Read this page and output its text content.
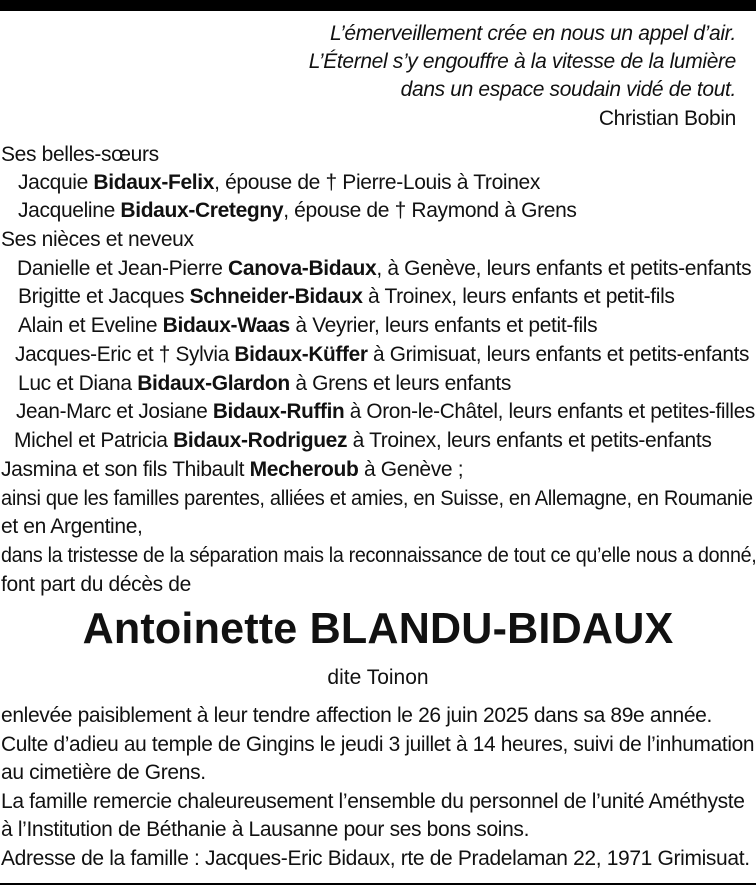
L’émerveillement crée en nous un appel d’air.
L’Éternel s’y engouffre à la vitesse de la lumière
dans un espace soudain vidé de tout.
Christian Bobin
Ses belles-sœurs
Jacquie Bidaux-Felix, épouse de † Pierre-Louis à Troinex
Jacqueline Bidaux-Cretegny, épouse de † Raymond à Grens
Ses nièces et neveux
Danielle et Jean-Pierre Canova-Bidaux, à Genève, leurs enfants et petits-enfants
Brigitte et Jacques Schneider-Bidaux à Troinex, leurs enfants et petit-fils
Alain et Eveline Bidaux-Waas à Veyrier, leurs enfants et petit-fils
Jacques-Eric et † Sylvia Bidaux-Küffer à Grimisuat, leurs enfants et petits-enfants
Luc et Diana Bidaux-Glardon à Grens et leurs enfants
Jean-Marc et Josiane Bidaux-Ruffin à Oron-le-Châtel, leurs enfants et petites-filles
Michel et Patricia Bidaux-Rodriguez à Troinex, leurs enfants et petits-enfants
Jasmina et son fils Thibault Mecheroub à Genève ;
ainsi que les familles parentes, alliées et amies, en Suisse, en Allemagne, en Roumanie
et en Argentine,
dans la tristesse de la séparation mais la reconnaissance de tout ce qu’elle nous a donné,
font part du décès de
Antoinette BLANDU-BIDAUX
dite Toinon
enlevée paisiblement à leur tendre affection le 26 juin 2025 dans sa 89e année.
Culte d’adieu au temple de Gingins le jeudi 3 juillet à 14 heures, suivi de l’inhumation
au cimetière de Grens.
La famille remercie chaleureusement l’ensemble du personnel de l’unité Améthyste
à l’Institution de Béthanie à Lausanne pour ses bons soins.
Adresse de la famille : Jacques-Eric Bidaux, rte de Pradelaman 22, 1971 Grimisuat.
